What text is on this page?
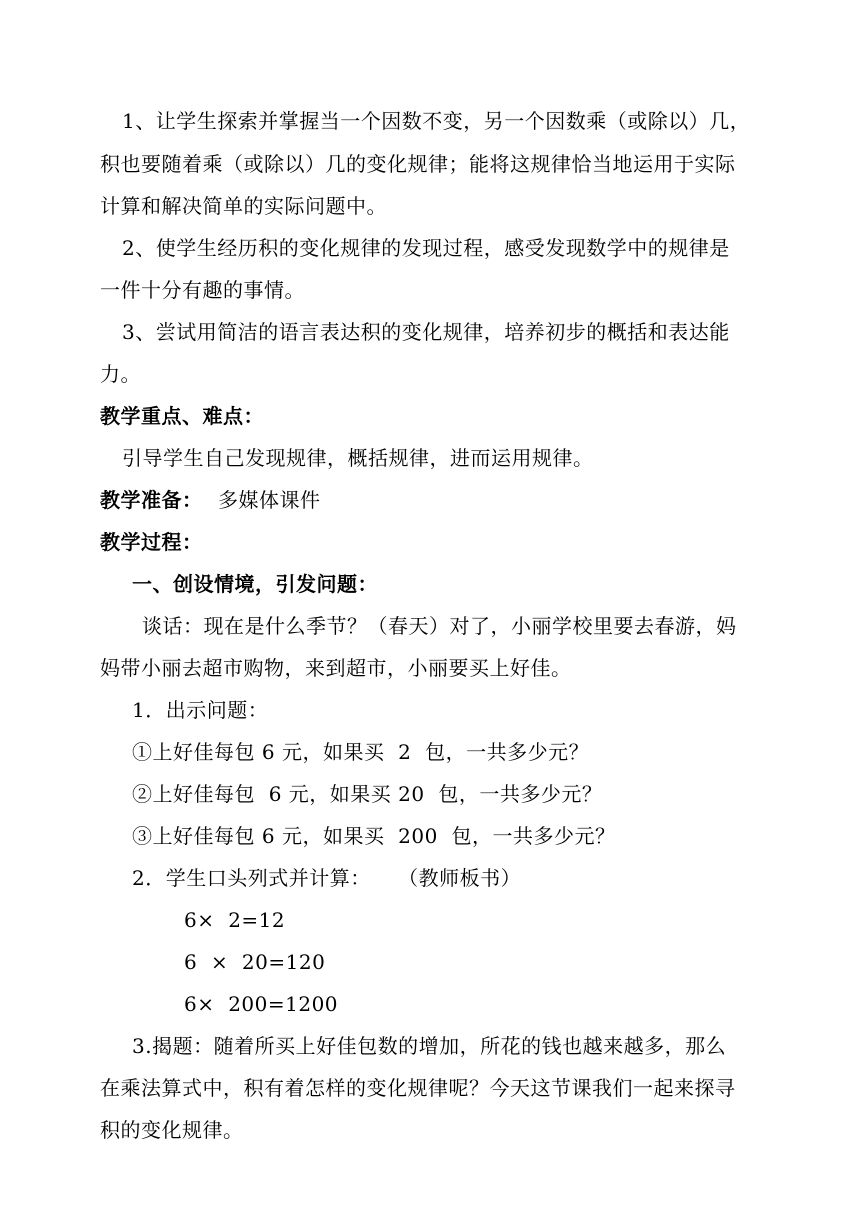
1、让学生探索并掌握当一个因数不变，另一个因数乘（或除以）几，
积也要随着乘（或除以）几的变化规律；能将这规律恰当地运用于实际
计算和解决简单的实际问题中。
2、使学生经历积的变化规律的发现过程，感受发现数学中的规律是
一件十分有趣的事情。
3、尝试用简洁的语言表达积的变化规律，培养初步的概括和表达能
力。
教学重点、难点：
引导学生自己发现规律，概括规律，进而运用规律。
教学准备： 多媒体课件
教学过程：
一、创设情境，引发问题：
谈话：现在是什么季节？（春天）对了，小丽学校里要去春游，妈
妈带小丽去超市购物，来到超市，小丽要买上好佳。
1．出示问题：
①上好佳每包 6 元，如果买  2  包，一共多少元？
②上好佳每包  6 元，如果买 20  包，一共多少元？
③上好佳每包 6 元，如果买  200  包，一共多少元？
2．学生口头列式并计算：    （教师板书）
6×  2=12
6  ×  20=120
6×  200=1200
3.揭题：随着所买上好佳包数的增加，所花的钱也越来越多，那么
在乘法算式中，积有着怎样的变化规律呢？今天这节课我们一起来探寻
积的变化规律。
